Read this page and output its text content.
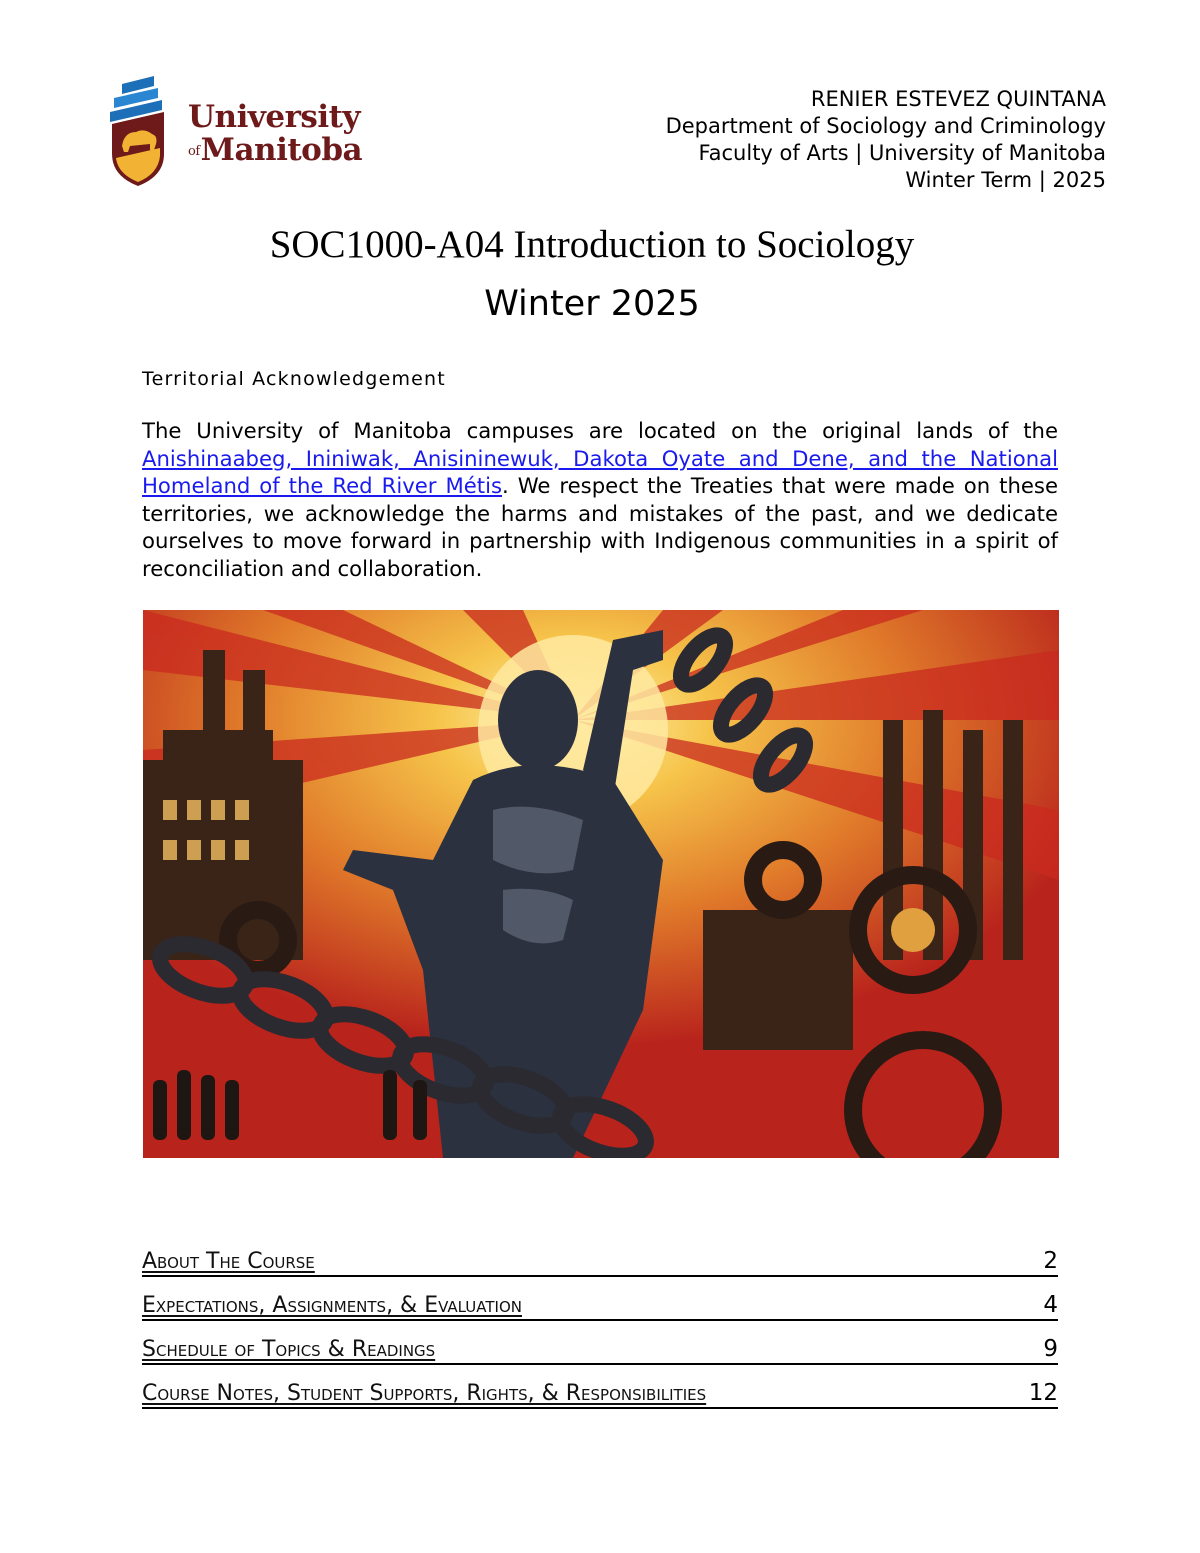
University
ofManitoba
RENIER ESTEVEZ QUINTANA
Department of Sociology and Criminology
Faculty of Arts | University of Manitoba
Winter Term | 2025
SOC1000-A04 Introduction to Sociology
Winter 2025
Territorial Acknowledgement
The University of Manitoba campuses are located on the original lands of the Anishinaabeg, Ininiwak, Anisininewuk, Dakota Oyate and Dene, and the National Homeland of the Red River Métis. We respect the Treaties that were made on these territories, we acknowledge the harms and mistakes of the past, and we dedicate ourselves to move forward in partnership with Indigenous communities in a spirit of reconciliation and collaboration.
About The Course	2
Expectations, Assignments, & Evaluation	4
Schedule of Topics & Readings	9
Course Notes, Student Supports, Rights, & Responsibilities	12
